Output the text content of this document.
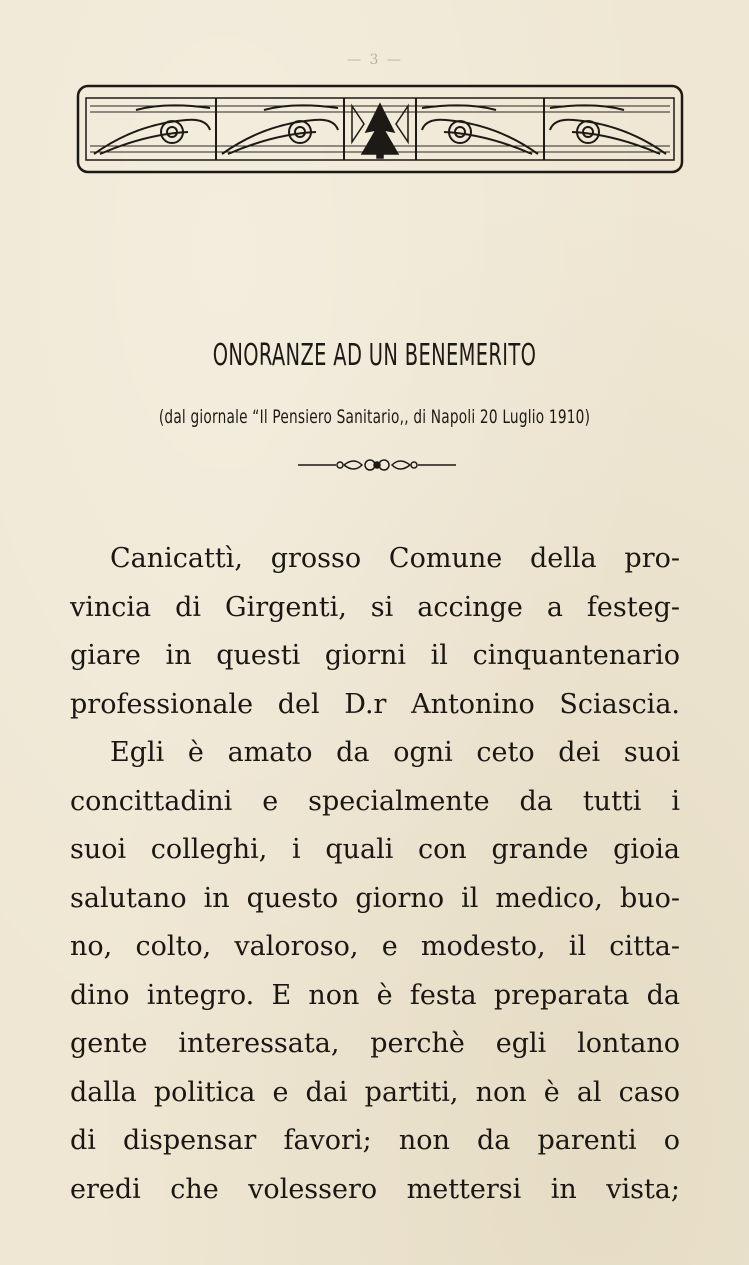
— 3 —
ONORANZE AD UN BENEMERITO
(dal giornale “Il Pensiero Sanitario,, di Napoli 20 Luglio 1910)
Canicattì, grosso Comune della pro-
vincia di Girgenti, si accinge a festeg-
giare in questi giorni il cinquantenario
professionale del D.r Antonino Sciascia.
Egli è amato da ogni ceto dei suoi
concittadini e specialmente da tutti i
suoi colleghi, i quali con grande gioia
salutano in questo giorno il medico, buo-
no, colto, valoroso, e modesto, il citta-
dino integro. E non è festa preparata da
gente interessata, perchè egli lontano
dalla politica e dai partiti, non è al caso
di dispensar favori; non da parenti o
eredi che volessero mettersi in vista;
